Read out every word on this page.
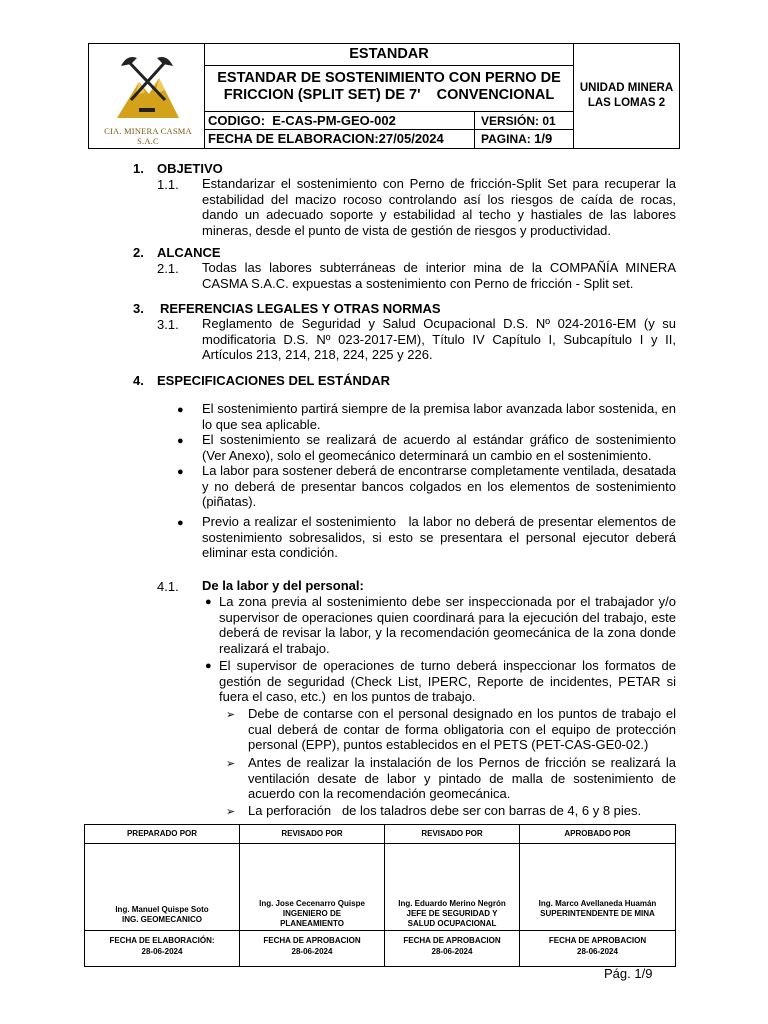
CIA. MINERA CASMA S.A.C
ESTANDAR
ESTANDAR DE SOSTENIMIENTO CON PERNO DE
FRICCION (SPLIT SET) DE 7'    CONVENCIONAL
CODIGO:  E-CAS-PM-GEO-002	VERSIÓN: 01
FECHA DE ELABORACION:27/05/2024	PAGINA: 1/9
UNIDAD MINERA
LAS LOMAS 2
1. OBJETIVO
1.1. Estandarizar el sostenimiento con Perno de fricción-Split Set para recuperar la estabilidad del macizo rocoso controlando así los riesgos de caída de rocas, dando un adecuado soporte y estabilidad al techo y hastiales de las labores mineras, desde el punto de vista de gestión de riesgos y productividad.
2. ALCANCE
2.1. Todas las labores subterráneas de interior mina de la COMPAÑÍA MINERA CASMA S.A.C. expuestas a sostenimiento con Perno de fricción - Split set.
3. REFERENCIAS LEGALES Y OTRAS NORMAS
3.1. Reglamento de Seguridad y Salud Ocupacional D.S. Nº 024-2016-EM (y su modificatoria D.S. Nº 023-2017-EM), Título IV Capítulo I, Subcapítulo I y II, Artículos 213, 214, 218, 224, 225 y 226.
4. ESPECIFICACIONES DEL ESTÁNDAR
● El sostenimiento partirá siempre de la premisa labor avanzada labor sostenida, en lo que sea aplicable.
● El sostenimiento se realizará de acuerdo al estándar gráfico de sostenimiento (Ver Anexo), solo el geomecánico determinará un cambio en el sostenimiento.
● La labor para sostener deberá de encontrarse completamente ventilada, desatada y no deberá de presentar bancos colgados en los elementos de sostenimiento (piñatas).
● Previo a realizar el sostenimiento   la labor no deberá de presentar elementos de sostenimiento sobresalidos, si esto se presentara el personal ejecutor deberá eliminar esta condición.
4.1. De la labor y del personal:
● La zona previa al sostenimiento debe ser inspeccionada por el trabajador y/o supervisor de operaciones quien coordinará para la ejecución del trabajo, este deberá de revisar la labor, y la recomendación geomecánica de la zona donde realizará el trabajo.
● El supervisor de operaciones de turno deberá inspeccionar los formatos de gestión de seguridad (Check List, IPERC, Reporte de incidentes, PETAR si fuera el caso, etc.)  en los puntos de trabajo.
➢ Debe de contarse con el personal designado en los puntos de trabajo el cual deberá de contar de forma obligatoria con el equipo de protección personal (EPP), puntos establecidos en el PETS (PET-CAS-GE0-02.)
➢ Antes de realizar la instalación de los Pernos de fricción se realizará la ventilación desate de labor y pintado de malla de sostenimiento de acuerdo con la recomendación geomecánica.
➢ La perforación   de los taladros debe ser con barras de 4, 6 y 8 pies.
PREPARADO POR
Ing. Manuel Quispe Soto
ING. GEOMECANICO
FECHA DE ELABORACIÓN:
28-06-2024
REVISADO POR
Ing. Jose Cecenarro Quispe
INGENIERO DE
PLANEAMIENTO
FECHA DE APROBACION
28-06-2024
REVISADO POR
Ing. Eduardo Merino Negrón
JEFE DE SEGURIDAD Y
SALUD OCUPACIONAL
FECHA DE APROBACION
28-06-2024
APROBADO POR
Ing. Marco Avellaneda Huamán
SUPERINTENDENTE DE MINA
FECHA DE APROBACION
28-06-2024
Pág. 1/9
